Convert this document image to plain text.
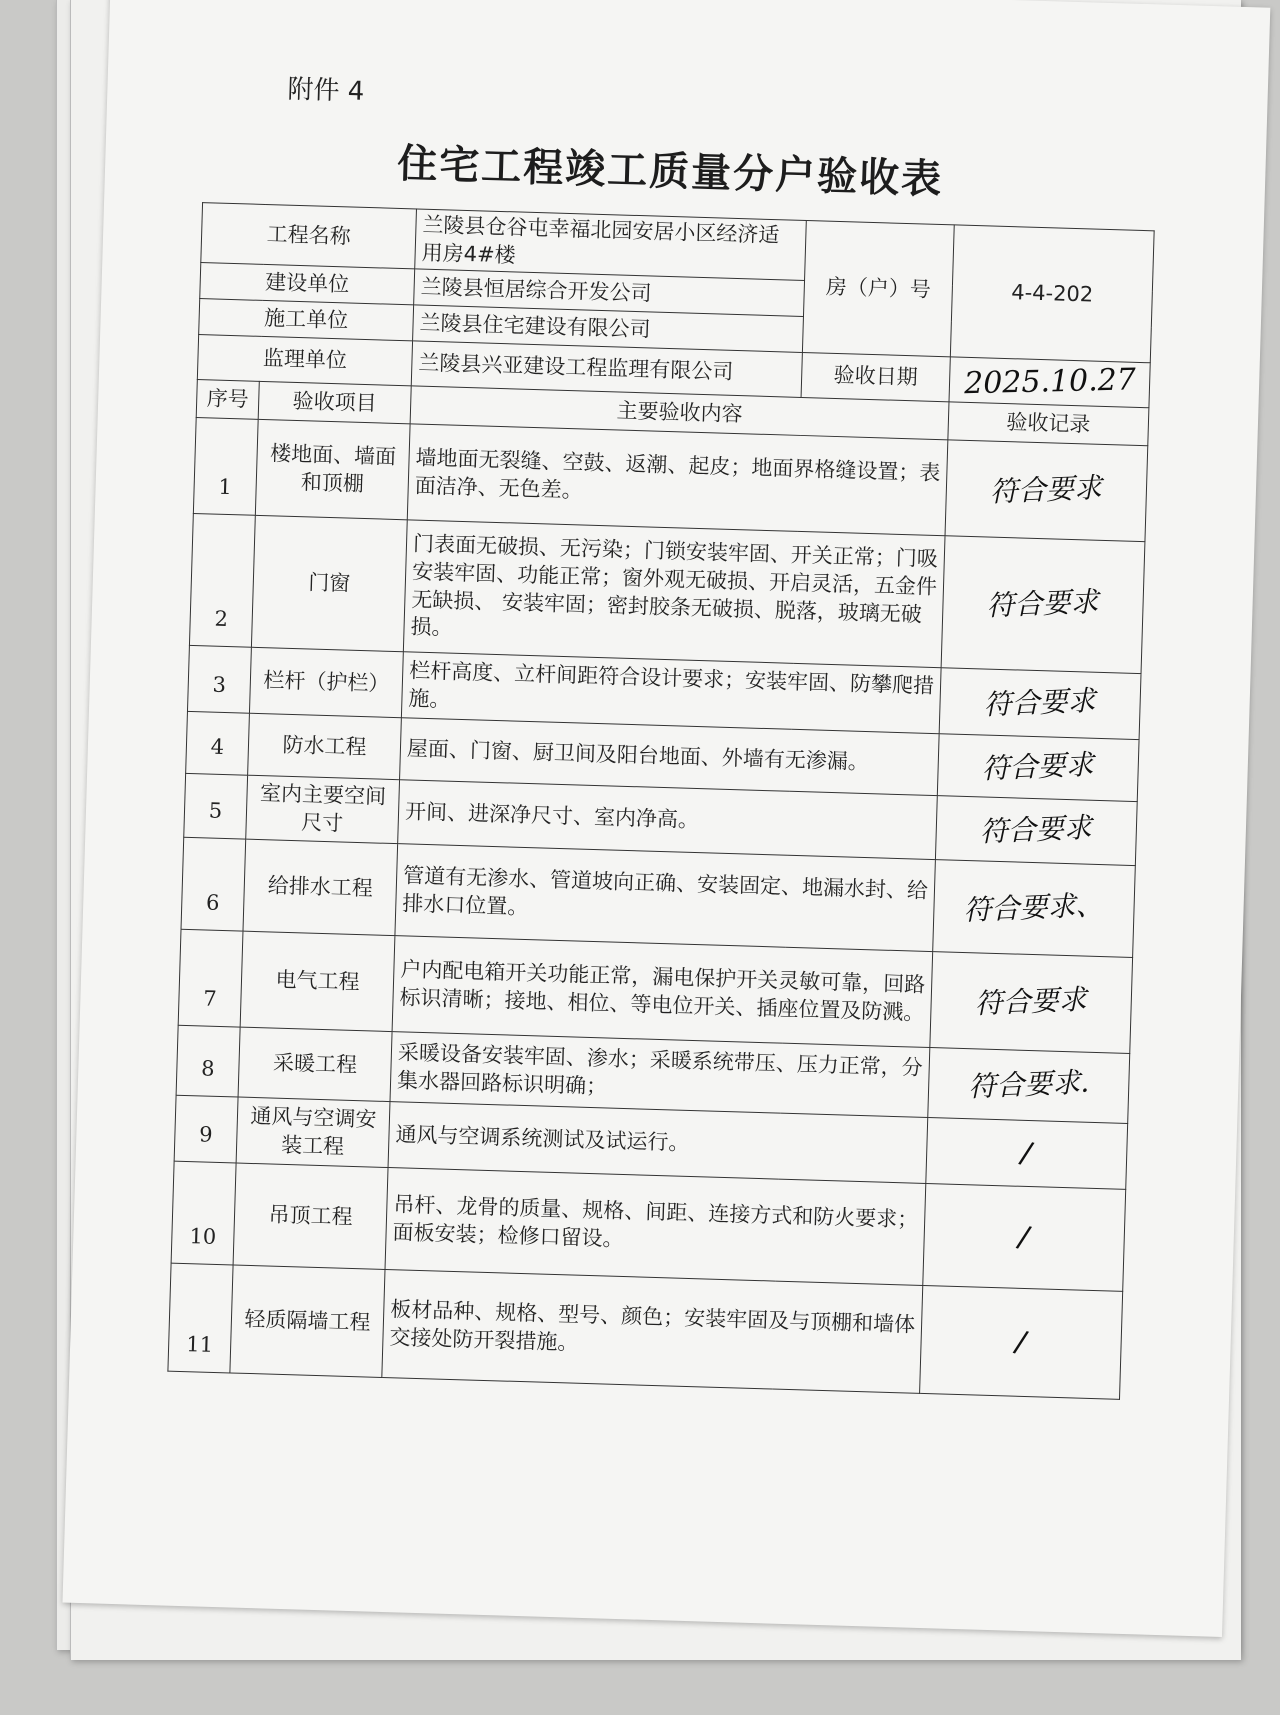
附件 4
住宅工程竣工质量分户验收表
工程名称		兰陵县仓谷屯幸福北园安居小区经济适用房4#楼	房（户）号	4-4-202
建设单位		兰陵县恒居综合开发公司		
施工单位		兰陵县住宅建设有限公司		
监理单位		兰陵县兴亚建设工程监理有限公司	验收日期	2025.10.27
序号	验收项目	主要验收内容		验收记录
1	楼地面、墙面和顶棚	墙地面无裂缝、空鼓、返潮、起皮；地面界格缝设置；表面洁净、无色差。		符合要求
2	门窗	门表面无破损、无污染；门锁安装牢固、开关正常；门吸安装牢固、功能正常；窗外观无破损、开启灵活，五金件无缺损、 安装牢固；密封胶条无破损、脱落，玻璃无破损。		符合要求
3	栏杆（护栏）	栏杆高度、立杆间距符合设计要求；安装牢固、防攀爬措施。		符合要求
4	防水工程	屋面、门窗、厨卫间及阳台地面、外墙有无渗漏。		符合要求
5	室内主要空间尺寸	开间、进深净尺寸、室内净高。		符合要求
6	给排水工程	管道有无渗水、管道坡向正确、安装固定、地漏水封、给排水口位置。		符合要求、
7	电气工程	户内配电箱开关功能正常，漏电保护开关灵敏可靠，回路标识清晰；接地、相位、等电位开关、插座位置及防溅。		符合要求
8	采暖工程	采暖设备安装牢固、渗水；采暖系统带压、压力正常，分集水器回路标识明确；		符合要求.
9	通风与空调安装工程	通风与空调系统测试及试运行。		/
10	吊顶工程	吊杆、龙骨的质量、规格、间距、连接方式和防火要求；面板安装；检修口留设。		/
11	轻质隔墙工程	板材品种、规格、型号、颜色；安装牢固及与顶棚和墙体交接处防开裂措施。		/
